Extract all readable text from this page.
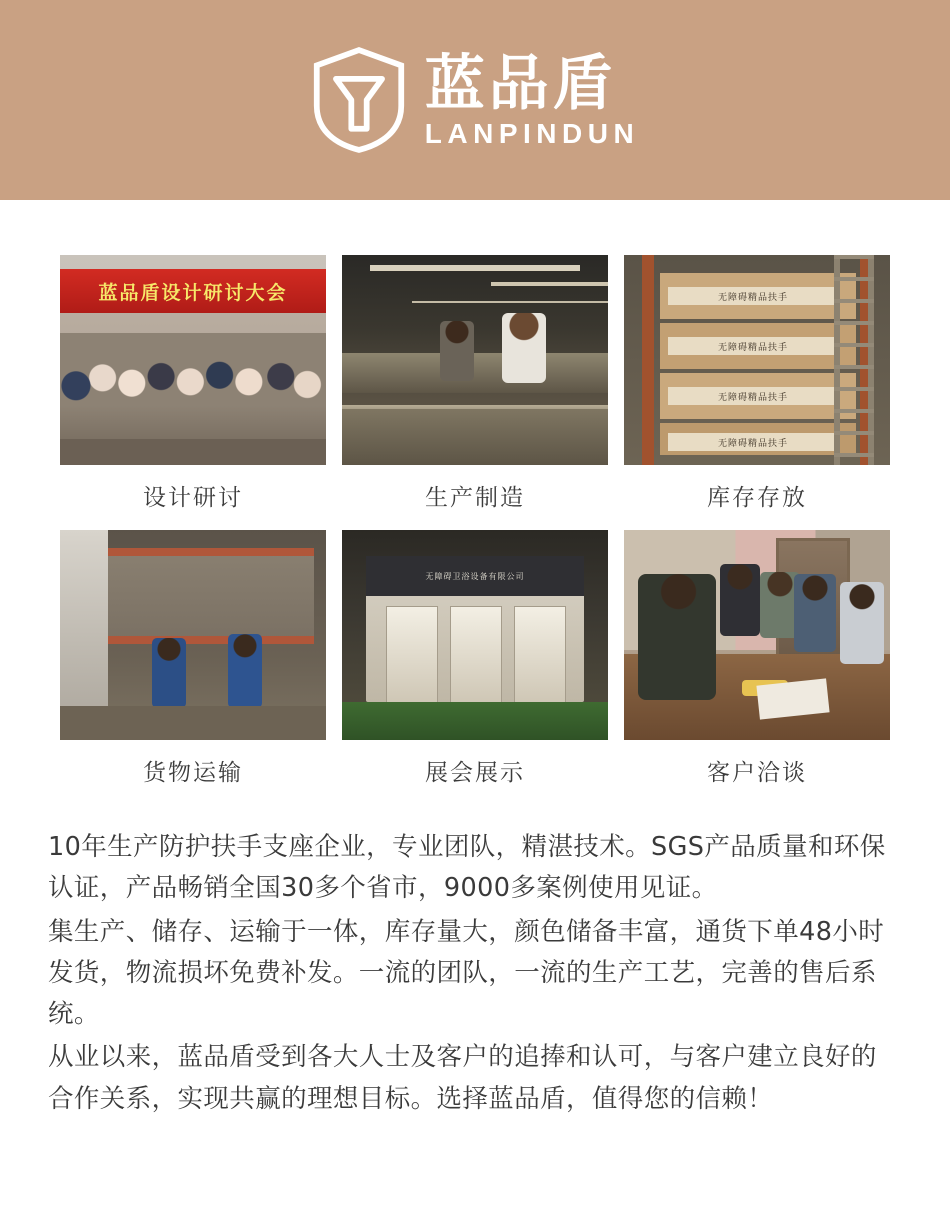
蓝品盾
LANPINDUN
蓝品盾设计研讨大会
设计研讨	生产制造
无障碍精品扶手
无障碍精品扶手
无障碍精品扶手
无障碍精品扶手
库存存放
货物运输
无障碍卫浴设备有限公司
展会展示	客户洽谈

10年生产防护扶手支座企业，专业团队，精湛技术。SGS产品质量和环保认证，产品畅销全国30多个省市，9000多案例使用见证。

集生产、储存、运输于一体，库存量大，颜色储备丰富，通货下单48小时发货，物流损坏免费补发。一流的团队，一流的生产工艺，完善的售后系统。

从业以来，蓝品盾受到各大人士及客户的追捧和认可，与客户建立良好的合作关系，实现共赢的理想目标。选择蓝品盾，值得您的信赖！
